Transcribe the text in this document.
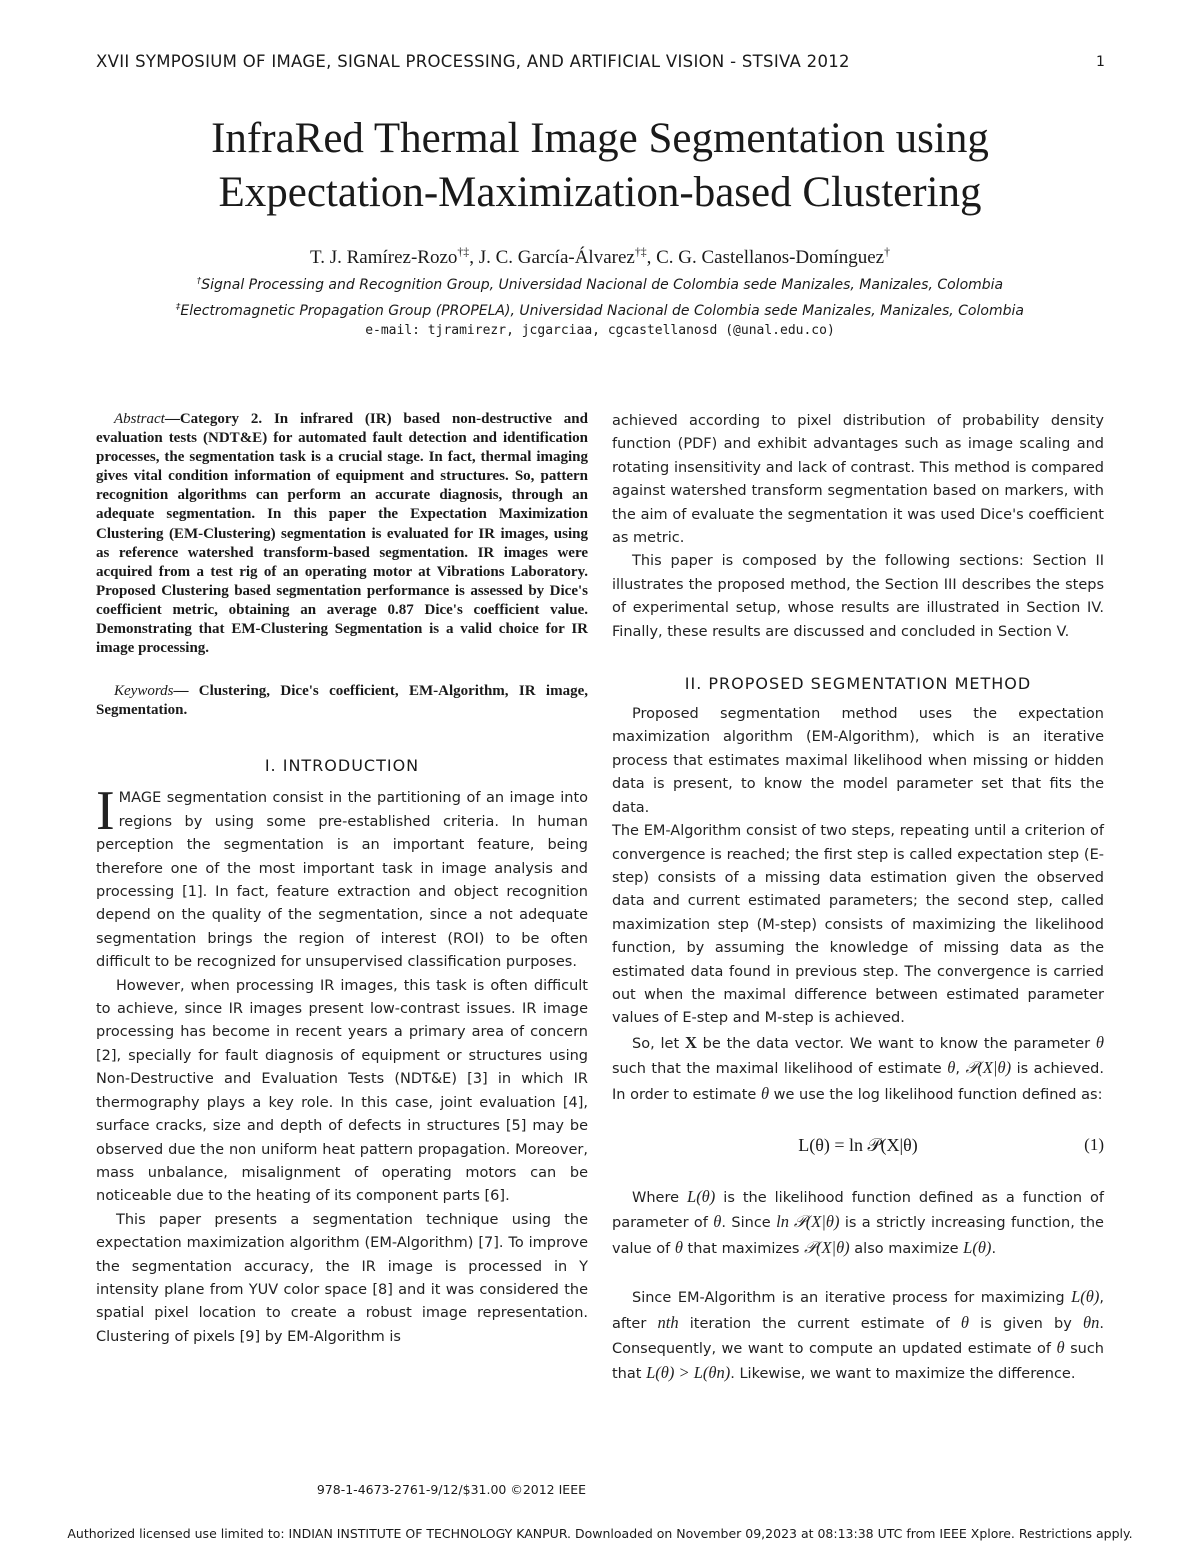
XVII SYMPOSIUM OF IMAGE, SIGNAL PROCESSING, AND ARTIFICIAL VISION - STSIVA 2012	1
InfraRed Thermal Image Segmentation using
Expectation-Maximization-based Clustering
T. J. Ramírez-Rozo†‡, J. C. García-Álvarez†‡, C. G. Castellanos-Domínguez†
†Signal Processing and Recognition Group, Universidad Nacional de Colombia sede Manizales, Manizales, Colombia
‡Electromagnetic Propagation Group (PROPELA), Universidad Nacional de Colombia sede Manizales, Manizales, Colombia
e-mail: tjramirezr, jcgarciaa, cgcastellanosd (@unal.edu.co)

Abstract—Category 2. In infrared (IR) based non-destructive and evaluation tests (NDT&E) for automated fault detection and identification processes, the segmentation task is a crucial stage. In fact, thermal imaging gives vital condition information of equipment and structures. So, pattern recognition algorithms can perform an accurate diagnosis, through an adequate segmentation. In this paper the Expectation Maximization Clustering (EM-Clustering) segmentation is evaluated for IR images, using as reference watershed transform-based segmentation. IR images were acquired from a test rig of an operating motor at Vibrations Laboratory. Proposed Clustering based segmentation performance is assessed by Dice's coefficient metric, obtaining an average 0.87 Dice's coefficient value. Demonstrating that EM-Clustering Segmentation is a valid choice for IR image processing.

Keywords— Clustering, Dice's coefficient, EM-Algorithm, IR image, Segmentation.

I. INTRODUCTION

IMAGE segmentation consist in the partitioning of an image into regions by using some pre-established criteria. In human perception the segmentation is an important feature, being therefore one of the most important task in image analysis and processing [1]. In fact, feature extraction and object recognition depend on the quality of the segmentation, since a not adequate segmentation brings the region of interest (ROI) to be often difficult to be recognized for unsupervised classification purposes.

However, when processing IR images, this task is often difficult to achieve, since IR images present low-contrast issues. IR image processing has become in recent years a primary area of concern [2], specially for fault diagnosis of equipment or structures using Non-Destructive and Evaluation Tests (NDT&E) [3] in which IR thermography plays a key role. In this case, joint evaluation [4], surface cracks, size and depth of defects in structures [5] may be observed due the non uniform heat pattern propagation. Moreover, mass unbalance, misalignment of operating motors can be noticeable due to the heating of its component parts [6].

This paper presents a segmentation technique using the expectation maximization algorithm (EM-Algorithm) [7]. To improve the segmentation accuracy, the IR image is processed in Y intensity plane from YUV color space [8] and it was considered the spatial pixel location to create a robust image representation. Clustering of pixels [9] by EM-Algorithm is

achieved according to pixel distribution of probability density function (PDF) and exhibit advantages such as image scaling and rotating insensitivity and lack of contrast. This method is compared against watershed transform segmentation based on markers, with the aim of evaluate the segmentation it was used Dice's coefficient as metric.

This paper is composed by the following sections: Section II illustrates the proposed method, the Section III describes the steps of experimental setup, whose results are illustrated in Section IV. Finally, these results are discussed and concluded in Section V.

II. PROPOSED SEGMENTATION METHOD

Proposed segmentation method uses the expectation maximization algorithm (EM-Algorithm), which is an iterative process that estimates maximal likelihood when missing or hidden data is present, to know the model parameter set that fits the data.

The EM-Algorithm consist of two steps, repeating until a criterion of convergence is reached; the first step is called expectation step (E-step) consists of a missing data estimation given the observed data and current estimated parameters; the second step, called maximization step (M-step) consists of maximizing the likelihood function, by assuming the knowledge of missing data as the estimated data found in previous step. The convergence is carried out when the maximal difference between estimated parameter values of E-step and M-step is achieved.

So, let X be the data vector. We want to know the parameter θ such that the maximal likelihood of estimate θ, 𝒫(X|θ) is achieved. In order to estimate θ we use the log likelihood function defined as:

L(θ) = ln 𝒫(X|θ)	(1)

Where L(θ) is the likelihood function defined as a function of parameter of θ. Since ln 𝒫(X|θ) is a strictly increasing function, the value of θ that maximizes 𝒫(X|θ) also maximize L(θ).

Since EM-Algorithm is an iterative process for maximizing L(θ), after nth iteration the current estimate of θ is given by θn. Consequently, we want to compute an updated estimate of θ such that L(θ) > L(θn). Likewise, we want to maximize the difference.

978-1-4673-2761-9/12/$31.00 ©2012 IEEE
Authorized licensed use limited to: INDIAN INSTITUTE OF TECHNOLOGY KANPUR. Downloaded on November 09,2023 at 08:13:38 UTC from IEEE Xplore. Restrictions apply.
